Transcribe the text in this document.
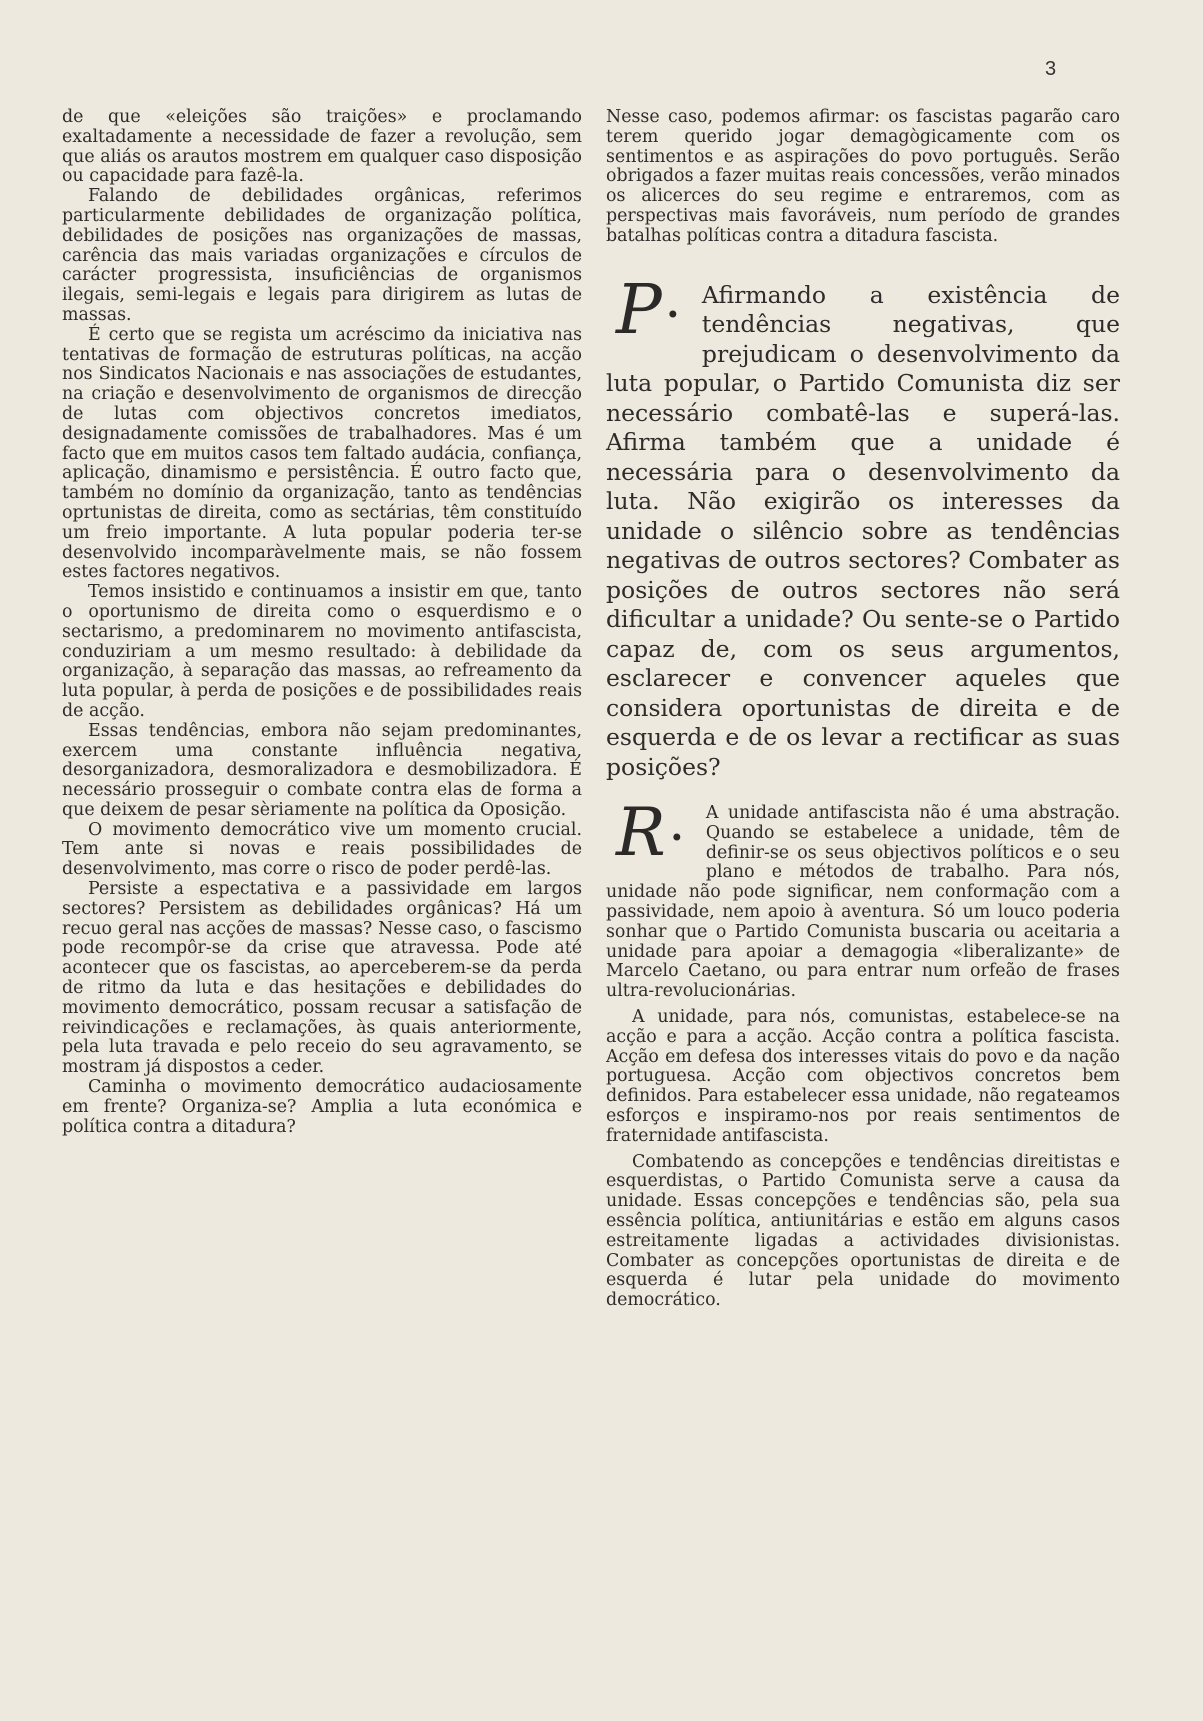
3

de que «eleições são traições» e proclamando exaltadamente a necessidade de fazer a revolução, sem que aliás os arautos mostrem em qualquer caso disposição ou capacidade para fazê-la.

Falando de debilidades orgânicas, referimos particularmente debilidades de organização política, debilidades de posições nas organizações de massas, carência das mais variadas organizações e círculos de carácter progressista, insuficiências de organismos ilegais, semi-legais e legais para dirigirem as lutas de massas.

É certo que se regista um acréscimo da iniciativa nas tentativas de formação de estruturas políticas, na acção nos Sindicatos Nacionais e nas associações de estudantes, na criação e desenvolvimento de organismos de direcção de lutas com objectivos concretos imediatos, designadamente comissões de trabalhadores. Mas é um facto que em muitos casos tem faltado audácia, confiança, aplicação, dinamismo e persistência. É outro facto que, também no domínio da organização, tanto as tendências oprtunistas de direita, como as sectárias, têm constituído um freio importante. A luta popular poderia ter-se desenvolvido incomparàvelmente mais, se não fossem estes factores negativos.

Temos insistido e continuamos a insistir em que, tanto o oportunismo de direita como o esquerdismo e o sectarismo, a predominarem no movimento antifascista, conduziriam a um mesmo resultado: à debilidade da organização, à separação das massas, ao refreamento da luta popular, à perda de posições e de possibilidades reais de acção.

Essas tendências, embora não sejam predominantes, exercem uma constante influência negativa, desorganizadora, desmoralizadora e desmobilizadora. É necessário prosseguir o combate contra elas de forma a que deixem de pesar sèriamente na política da Oposição.

O movimento democrático vive um momento crucial. Tem ante si novas e reais possibilidades de desenvolvimento, mas corre o risco de poder perdê-las.

Persiste a espectativa e a passividade em largos sectores? Persistem as debilidades orgânicas? Há um recuo geral nas acções de massas? Nesse caso, o fascismo pode recompôr-se da crise que atravessa. Pode até acontecer que os fascistas, ao aperceberem-se da perda de ritmo da luta e das hesitações e debilidades do movimento democrático, possam recusar a satisfação de reivindicações e reclamações, às quais anteriormente, pela luta travada e pelo receio do seu agravamento, se mostram já dispostos a ceder.

Caminha o movimento democrático audaciosamente em frente? Organiza-se? Amplia a luta económica e política contra a ditadura?

Nesse caso, podemos afirmar: os fascistas pagarão caro terem querido jogar demagògicamente com os sentimentos e as aspirações do povo português. Serão obrigados a fazer muitas reais concessões, verão minados os alicerces do seu regime e entraremos, com as perspectivas mais favoráveis, num período de grandes batalhas políticas contra a ditadura fascista.

P •

Afirmando a existência de tendências negativas, que prejudicam o desenvolvimento da luta popular, o Partido Comunista diz ser necessário combatê-las e superá-las. Afirma também que a unidade é necessária para o desenvolvimento da luta. Não exigirão os interesses da unidade o silêncio sobre as tendências negativas de outros sectores? Combater as posições de outros sectores não será dificultar a unidade? Ou sente-se o Partido capaz de, com os seus argumentos, esclarecer e convencer aqueles que considera oportunistas de direita e de esquerda e de os levar a rectificar as suas posições?

R •

A unidade antifascista não é uma abstração. Quando se estabelece a unidade, têm de definir-se os seus objectivos políticos e o seu plano e métodos de trabalho. Para nós, unidade não pode significar, nem conformação com a passividade, nem apoio à aventura. Só um louco poderia sonhar que o Partido Comunista buscaria ou aceitaria a unidade para apoiar a demagogia «liberalizante» de Marcelo Caetano, ou para entrar num orfeão de frases ultra-revolucionárias.

A unidade, para nós, comunistas, estabelece-se na acção e para a acção. Acção contra a política fascista. Acção em defesa dos interesses vitais do povo e da nação portuguesa. Acção com objectivos concretos bem definidos. Para estabelecer essa unidade, não regateamos esforços e inspiramo-nos por reais sentimentos de fraternidade antifascista.

Combatendo as concepções e tendências direitistas e esquerdistas, o Partido Comunista serve a causa da unidade. Essas concepções e tendências são, pela sua essência política, antiunitárias e estão em alguns casos estreitamente ligadas a actividades divisionistas. Combater as concepções oportunistas de direita e de esquerda é lutar pela unidade do movimento democrático.
